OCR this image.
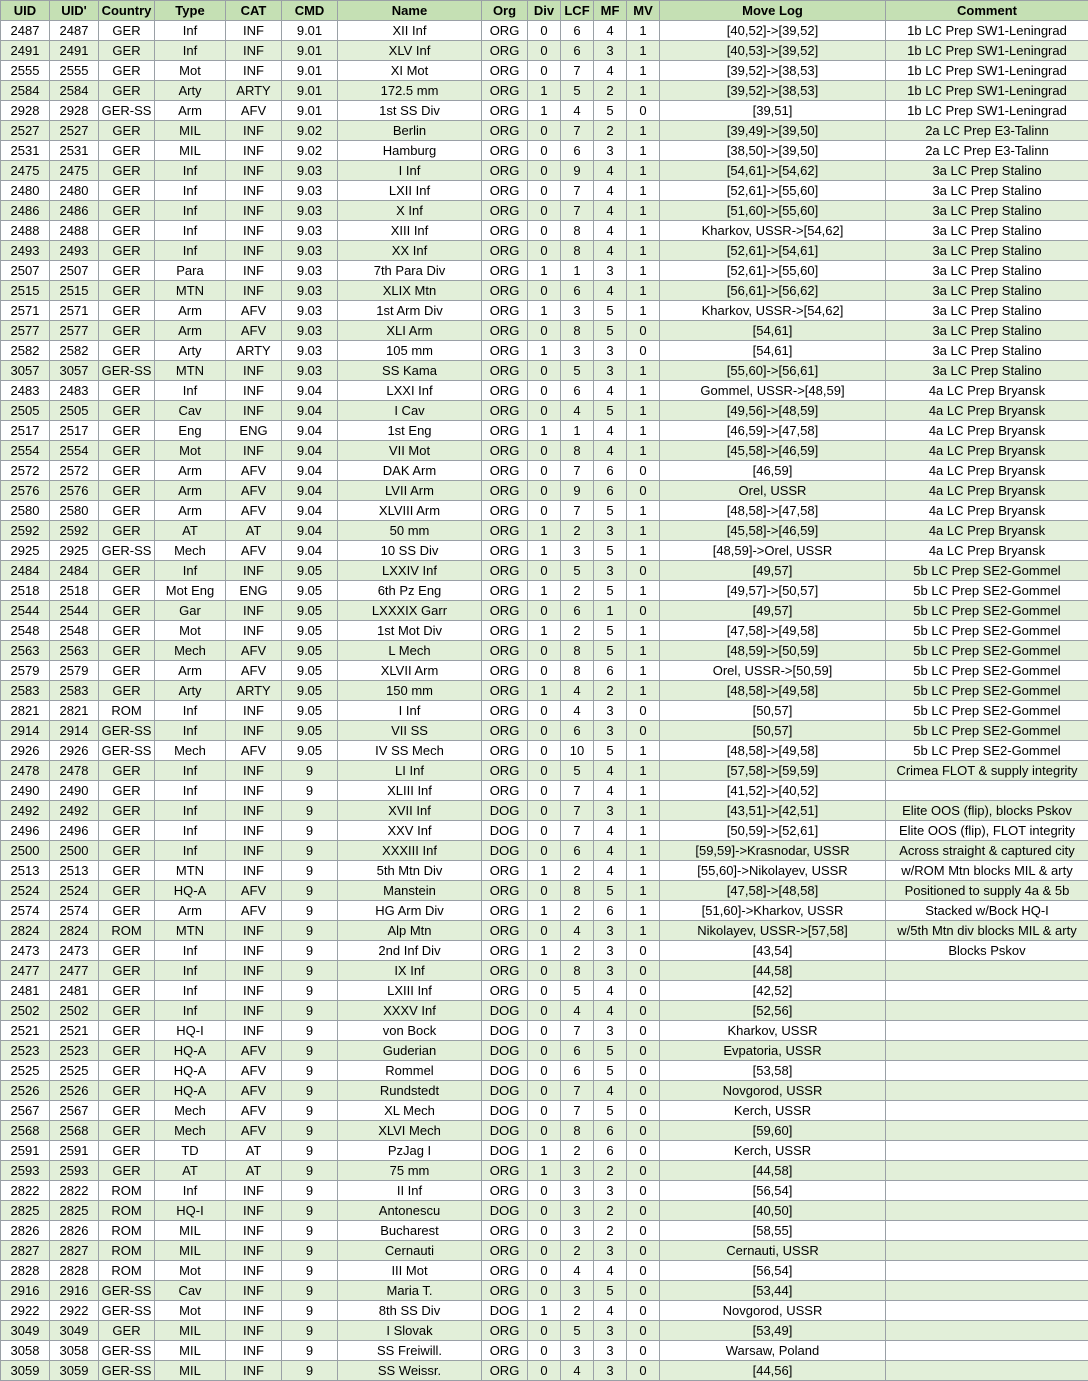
UID	UID'	Country	Type	CAT	CMD	Name	Org	Div	LCF	MF	MV	Move Log	Comment
2487	2487	GER	Inf	INF	9.01	XII Inf	ORG	0	6	4	1	[40,52]->[39,52]	1b LC Prep SW1-Leningrad
2491	2491	GER	Inf	INF	9.01	XLV Inf	ORG	0	6	3	1	[40,53]->[39,52]	1b LC Prep SW1-Leningrad
2555	2555	GER	Mot	INF	9.01	XI Mot	ORG	0	7	4	1	[39,52]->[38,53]	1b LC Prep SW1-Leningrad
2584	2584	GER	Arty	ARTY	9.01	172.5 mm	ORG	1	5	2	1	[39,52]->[38,53]	1b LC Prep SW1-Leningrad
2928	2928	GER-SS	Arm	AFV	9.01	1st SS Div	ORG	1	4	5	0	[39,51]	1b LC Prep SW1-Leningrad
2527	2527	GER	MIL	INF	9.02	Berlin	ORG	0	7	2	1	[39,49]->[39,50]	2a LC Prep E3-Talinn
2531	2531	GER	MIL	INF	9.02	Hamburg	ORG	0	6	3	1	[38,50]->[39,50]	2a LC Prep E3-Talinn
2475	2475	GER	Inf	INF	9.03	I Inf	ORG	0	9	4	1	[54,61]->[54,62]	3a LC Prep Stalino
2480	2480	GER	Inf	INF	9.03	LXII Inf	ORG	0	7	4	1	[52,61]->[55,60]	3a LC Prep Stalino
2486	2486	GER	Inf	INF	9.03	X Inf	ORG	0	7	4	1	[51,60]->[55,60]	3a LC Prep Stalino
2488	2488	GER	Inf	INF	9.03	XIII Inf	ORG	0	8	4	1	Kharkov, USSR->[54,62]	3a LC Prep Stalino
2493	2493	GER	Inf	INF	9.03	XX Inf	ORG	0	8	4	1	[52,61]->[54,61]	3a LC Prep Stalino
2507	2507	GER	Para	INF	9.03	7th Para Div	ORG	1	1	3	1	[52,61]->[55,60]	3a LC Prep Stalino
2515	2515	GER	MTN	INF	9.03	XLIX Mtn	ORG	0	6	4	1	[56,61]->[56,62]	3a LC Prep Stalino
2571	2571	GER	Arm	AFV	9.03	1st Arm Div	ORG	1	3	5	1	Kharkov, USSR->[54,62]	3a LC Prep Stalino
2577	2577	GER	Arm	AFV	9.03	XLI Arm	ORG	0	8	5	0	[54,61]	3a LC Prep Stalino
2582	2582	GER	Arty	ARTY	9.03	105 mm	ORG	1	3	3	0	[54,61]	3a LC Prep Stalino
3057	3057	GER-SS	MTN	INF	9.03	SS Kama	ORG	0	5	3	1	[55,60]->[56,61]	3a LC Prep Stalino
2483	2483	GER	Inf	INF	9.04	LXXI Inf	ORG	0	6	4	1	Gommel, USSR->[48,59]	4a LC Prep Bryansk
2505	2505	GER	Cav	INF	9.04	I Cav	ORG	0	4	5	1	[49,56]->[48,59]	4a LC Prep Bryansk
2517	2517	GER	Eng	ENG	9.04	1st Eng	ORG	1	1	4	1	[46,59]->[47,58]	4a LC Prep Bryansk
2554	2554	GER	Mot	INF	9.04	VII Mot	ORG	0	8	4	1	[45,58]->[46,59]	4a LC Prep Bryansk
2572	2572	GER	Arm	AFV	9.04	DAK Arm	ORG	0	7	6	0	[46,59]	4a LC Prep Bryansk
2576	2576	GER	Arm	AFV	9.04	LVII Arm	ORG	0	9	6	0	Orel, USSR	4a LC Prep Bryansk
2580	2580	GER	Arm	AFV	9.04	XLVIII Arm	ORG	0	7	5	1	[48,58]->[47,58]	4a LC Prep Bryansk
2592	2592	GER	AT	AT	9.04	50 mm	ORG	1	2	3	1	[45,58]->[46,59]	4a LC Prep Bryansk
2925	2925	GER-SS	Mech	AFV	9.04	10 SS Div	ORG	1	3	5	1	[48,59]->Orel, USSR	4a LC Prep Bryansk
2484	2484	GER	Inf	INF	9.05	LXXIV Inf	ORG	0	5	3	0	[49,57]	5b LC Prep SE2-Gommel
2518	2518	GER	Mot Eng	ENG	9.05	6th Pz Eng	ORG	1	2	5	1	[49,57]->[50,57]	5b LC Prep SE2-Gommel
2544	2544	GER	Gar	INF	9.05	LXXXIX Garr	ORG	0	6	1	0	[49,57]	5b LC Prep SE2-Gommel
2548	2548	GER	Mot	INF	9.05	1st Mot Div	ORG	1	2	5	1	[47,58]->[49,58]	5b LC Prep SE2-Gommel
2563	2563	GER	Mech	AFV	9.05	L Mech	ORG	0	8	5	1	[48,59]->[50,59]	5b LC Prep SE2-Gommel
2579	2579	GER	Arm	AFV	9.05	XLVII Arm	ORG	0	8	6	1	Orel, USSR->[50,59]	5b LC Prep SE2-Gommel
2583	2583	GER	Arty	ARTY	9.05	150 mm	ORG	1	4	2	1	[48,58]->[49,58]	5b LC Prep SE2-Gommel
2821	2821	ROM	Inf	INF	9.05	I Inf	ORG	0	4	3	0	[50,57]	5b LC Prep SE2-Gommel
2914	2914	GER-SS	Inf	INF	9.05	VII SS	ORG	0	6	3	0	[50,57]	5b LC Prep SE2-Gommel
2926	2926	GER-SS	Mech	AFV	9.05	IV SS Mech	ORG	0	10	5	1	[48,58]->[49,58]	5b LC Prep SE2-Gommel
2478	2478	GER	Inf	INF	9	LI Inf	ORG	0	5	4	1	[57,58]->[59,59]	Crimea FLOT & supply integrity
2490	2490	GER	Inf	INF	9	XLIII Inf	ORG	0	7	4	1	[41,52]->[40,52]	
2492	2492	GER	Inf	INF	9	XVII Inf	DOG	0	7	3	1	[43,51]->[42,51]	Elite OOS (flip), blocks Pskov
2496	2496	GER	Inf	INF	9	XXV Inf	DOG	0	7	4	1	[50,59]->[52,61]	Elite OOS (flip), FLOT integrity
2500	2500	GER	Inf	INF	9	XXXIII Inf	DOG	0	6	4	1	[59,59]->Krasnodar, USSR	Across straight & captured city
2513	2513	GER	MTN	INF	9	5th Mtn Div	ORG	1	2	4	1	[55,60]->Nikolayev, USSR	w/ROM Mtn blocks MIL & arty
2524	2524	GER	HQ-A	AFV	9	Manstein	ORG	0	8	5	1	[47,58]->[48,58]	Positioned to supply 4a & 5b
2574	2574	GER	Arm	AFV	9	HG Arm Div	ORG	1	2	6	1	[51,60]->Kharkov, USSR	Stacked w/Bock HQ-I
2824	2824	ROM	MTN	INF	9	Alp Mtn	ORG	0	4	3	1	Nikolayev, USSR->[57,58]	w/5th Mtn div blocks MIL & arty
2473	2473	GER	Inf	INF	9	2nd Inf Div	ORG	1	2	3	0	[43,54]	Blocks Pskov
2477	2477	GER	Inf	INF	9	IX Inf	ORG	0	8	3	0	[44,58]	
2481	2481	GER	Inf	INF	9	LXIII Inf	ORG	0	5	4	0	[42,52]	
2502	2502	GER	Inf	INF	9	XXXV Inf	DOG	0	4	4	0	[52,56]	
2521	2521	GER	HQ-I	INF	9	von Bock	DOG	0	7	3	0	Kharkov, USSR	
2523	2523	GER	HQ-A	AFV	9	Guderian	DOG	0	6	5	0	Evpatoria, USSR	
2525	2525	GER	HQ-A	AFV	9	Rommel	DOG	0	6	5	0	[53,58]	
2526	2526	GER	HQ-A	AFV	9	Rundstedt	DOG	0	7	4	0	Novgorod, USSR	
2567	2567	GER	Mech	AFV	9	XL Mech	DOG	0	7	5	0	Kerch, USSR	
2568	2568	GER	Mech	AFV	9	XLVI Mech	DOG	0	8	6	0	[59,60]	
2591	2591	GER	TD	AT	9	PzJag I	DOG	1	2	6	0	Kerch, USSR	
2593	2593	GER	AT	AT	9	75 mm	ORG	1	3	2	0	[44,58]	
2822	2822	ROM	Inf	INF	9	II Inf	ORG	0	3	3	0	[56,54]	
2825	2825	ROM	HQ-I	INF	9	Antonescu	DOG	0	3	2	0	[40,50]	
2826	2826	ROM	MIL	INF	9	Bucharest	ORG	0	3	2	0	[58,55]	
2827	2827	ROM	MIL	INF	9	Cernauti	ORG	0	2	3	0	Cernauti, USSR	
2828	2828	ROM	Mot	INF	9	III Mot	ORG	0	4	4	0	[56,54]	
2916	2916	GER-SS	Cav	INF	9	Maria T.	ORG	0	3	5	0	[53,44]	
2922	2922	GER-SS	Mot	INF	9	8th SS Div	DOG	1	2	4	0	Novgorod, USSR	
3049	3049	GER	MIL	INF	9	I Slovak	ORG	0	5	3	0	[53,49]	
3058	3058	GER-SS	MIL	INF	9	SS Freiwill.	ORG	0	3	3	0	Warsaw, Poland	
3059	3059	GER-SS	MIL	INF	9	SS Weissr.	ORG	0	4	3	0	[44,56]	
